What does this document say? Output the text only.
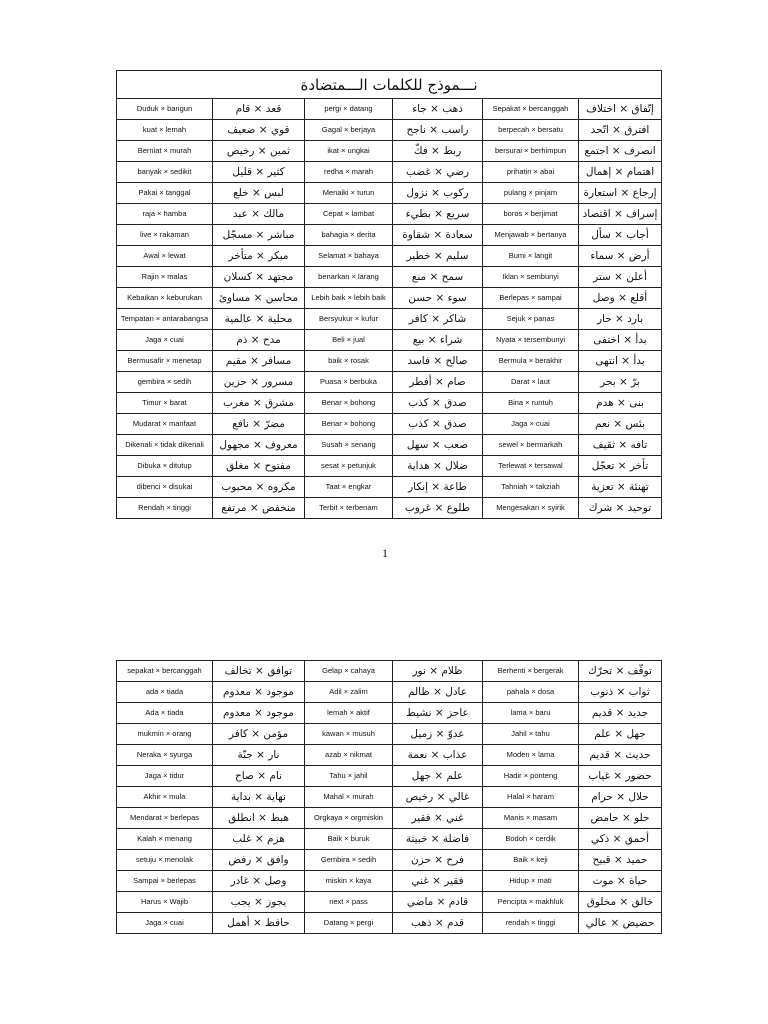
نـــموذج للكلمات الـــمتضادة					
Duduk × bangun	قعد × قام	pergi × datang	ذهب × جاء	Sepakat × bercanggah	إتّفاق × اختلاف
kuat × lemah	قوي × ضعيف	Gagal × berjaya	راسب × ناجح	berpecah × bersatu	افترق × اتّحد
Berniat × murah	ثمين × رخيص	ikat × ungkai	ربط × فكّ	bersurai × berhimpun	انصرف × اجتمع
banyak × sedikit	كثير × قليل	redha × marah	رضي × غضب	prihatin × abai	اهتمام × إهمال
Pakai × tanggal	لبس × خلع	Menaiki × turun	ركوب × نزول	pulang × pinjam	إرجاع × استعارة
raja × hamba	مالك × عبد	Cepat × lambat	سريع × بطيء	boros × berjimat	إسراف × اقتصاد
live × rakaman	مباشر × مسجّل	bahagia × derita	سعادة × شقاوة	Menjawab × bertanya	أجاب × سأل
Awal × lewat	مبكر × متأخر	Selamat × bahaya	سليم × خطير	Bumi × langit	أرض × سماء
Rajin × malas	مجتهد × كسلان	benarkan × larang	سمح × منع	Iklan × sembunyi	أعلن × ستر
Kebaikan × keburukan	محاسن × مساوئ	Lebih baik × lebih baik	سوء × حسن	Berlepas × sampai	أقلع × وصل
Tempatan × antarabangsa	محلية × عالمية	Bersyukur × kufur	شاكر × كافر	Sejuk × panas	بارد × حار
Jaga × cuai	مدح × ذم	Beli × jual	شراء × بيع	Nyata × tersembunyi	بدأ × اختفى
Bermusafir × menetap	مسافر × مقيم	baik × rosak	صالح × فاسد	Bermula × berakhir	بدأ × انتهى
gembira × sedih	مسرور × حزين	Puasa × berbuka	صام × أفطر	Darat × laut	برّ × بحر
Timur × barat	مشرق × مغرب	Benar × bohong	صدق × كذب	Bina × runtuh	بنى × هدم
Mudarat × manfaat	مضرّ × نافع	Benar × bohong	صدق × كذب	Jaga × cuai	بئس × نعم
Dikenali × tidak dikenali	معروف × مجهول	Susah × senang	صعب × سهل	sewel × bermarkah	تافه × ثقيف
Dibuka × ditutup	مفتوح × مغلق	sesat × petunjuk	ضلال × هداية	Terlewat × tersawal	تأخر × تعجّل
dibenci × disukai	مكروه × محبوب	Taat × engkar	طاعة × إنكار	Tahniah × takziah	تهنئة × تعزية
Rendah × tinggi	منخفض × مرتفع	Terbit × terbenam	طلوع × غروب	Mengesakan × syirik	توحيد × شرك
1
sepakat × bercanggah	توافق × تخالف	Gelap × cahaya	ظلام × نور	Berhenti × bergerak	توقّف × تحرّك
ada × tiada	موجود × معدوم	Adil × zalim	عادل × ظالم	pahala × dosa	ثواب × ذنوب
Ada × tiada	موجود × معدوم	lemah × aktif	عاجز × نشيط	lama × baru	جديد × قديم
mukmin × orang	مؤمن × كافر	kawan × musuh	عدوّ × زميل	Jahil × tahu	جهل × علم
Neraka × syurga	نار × جنّة	azab × nikmat	عذاب × نعمة	Moden × lama	حديث × قديم
Jaga × tidur	نام × صاح	Tahu × jahil	علم × جهل	Hadir × ponteng	حضور × غياب
Akhir × mula	نهاية × بداية	Mahal × murah	غالي × رخيص	Halal × haram	حلال × حرام
Mendarat × berlepas	هبط × انطلق	Orgkaya × orgmiskin	غني × فقير	Manis × masam	حلو × حامض
Kalah × menang	هزم × غلب	Baik × buruk	فاضلة × خبيثة	Bodoh × cerdik	أحمق × ذكي
setuju × menolak	وافق × رفض	Gembira × sedih	فرح × حزن	Baik × keji	حميد × قبيح
Sampai × berlepas	وصل × غادر	miskin × kaya	فقير × غني	Hidup × mati	حياة × موت
Harus × Wajib	يجوز × يجب	next × pass	قادم × ماضي	Pencipta × makhluk	خالق × مخلوق
Jaga × cuai	حافظ × أهمل	Datang × pergi	قدم × ذهب	rendah × tinggi	حضيض × عالي
